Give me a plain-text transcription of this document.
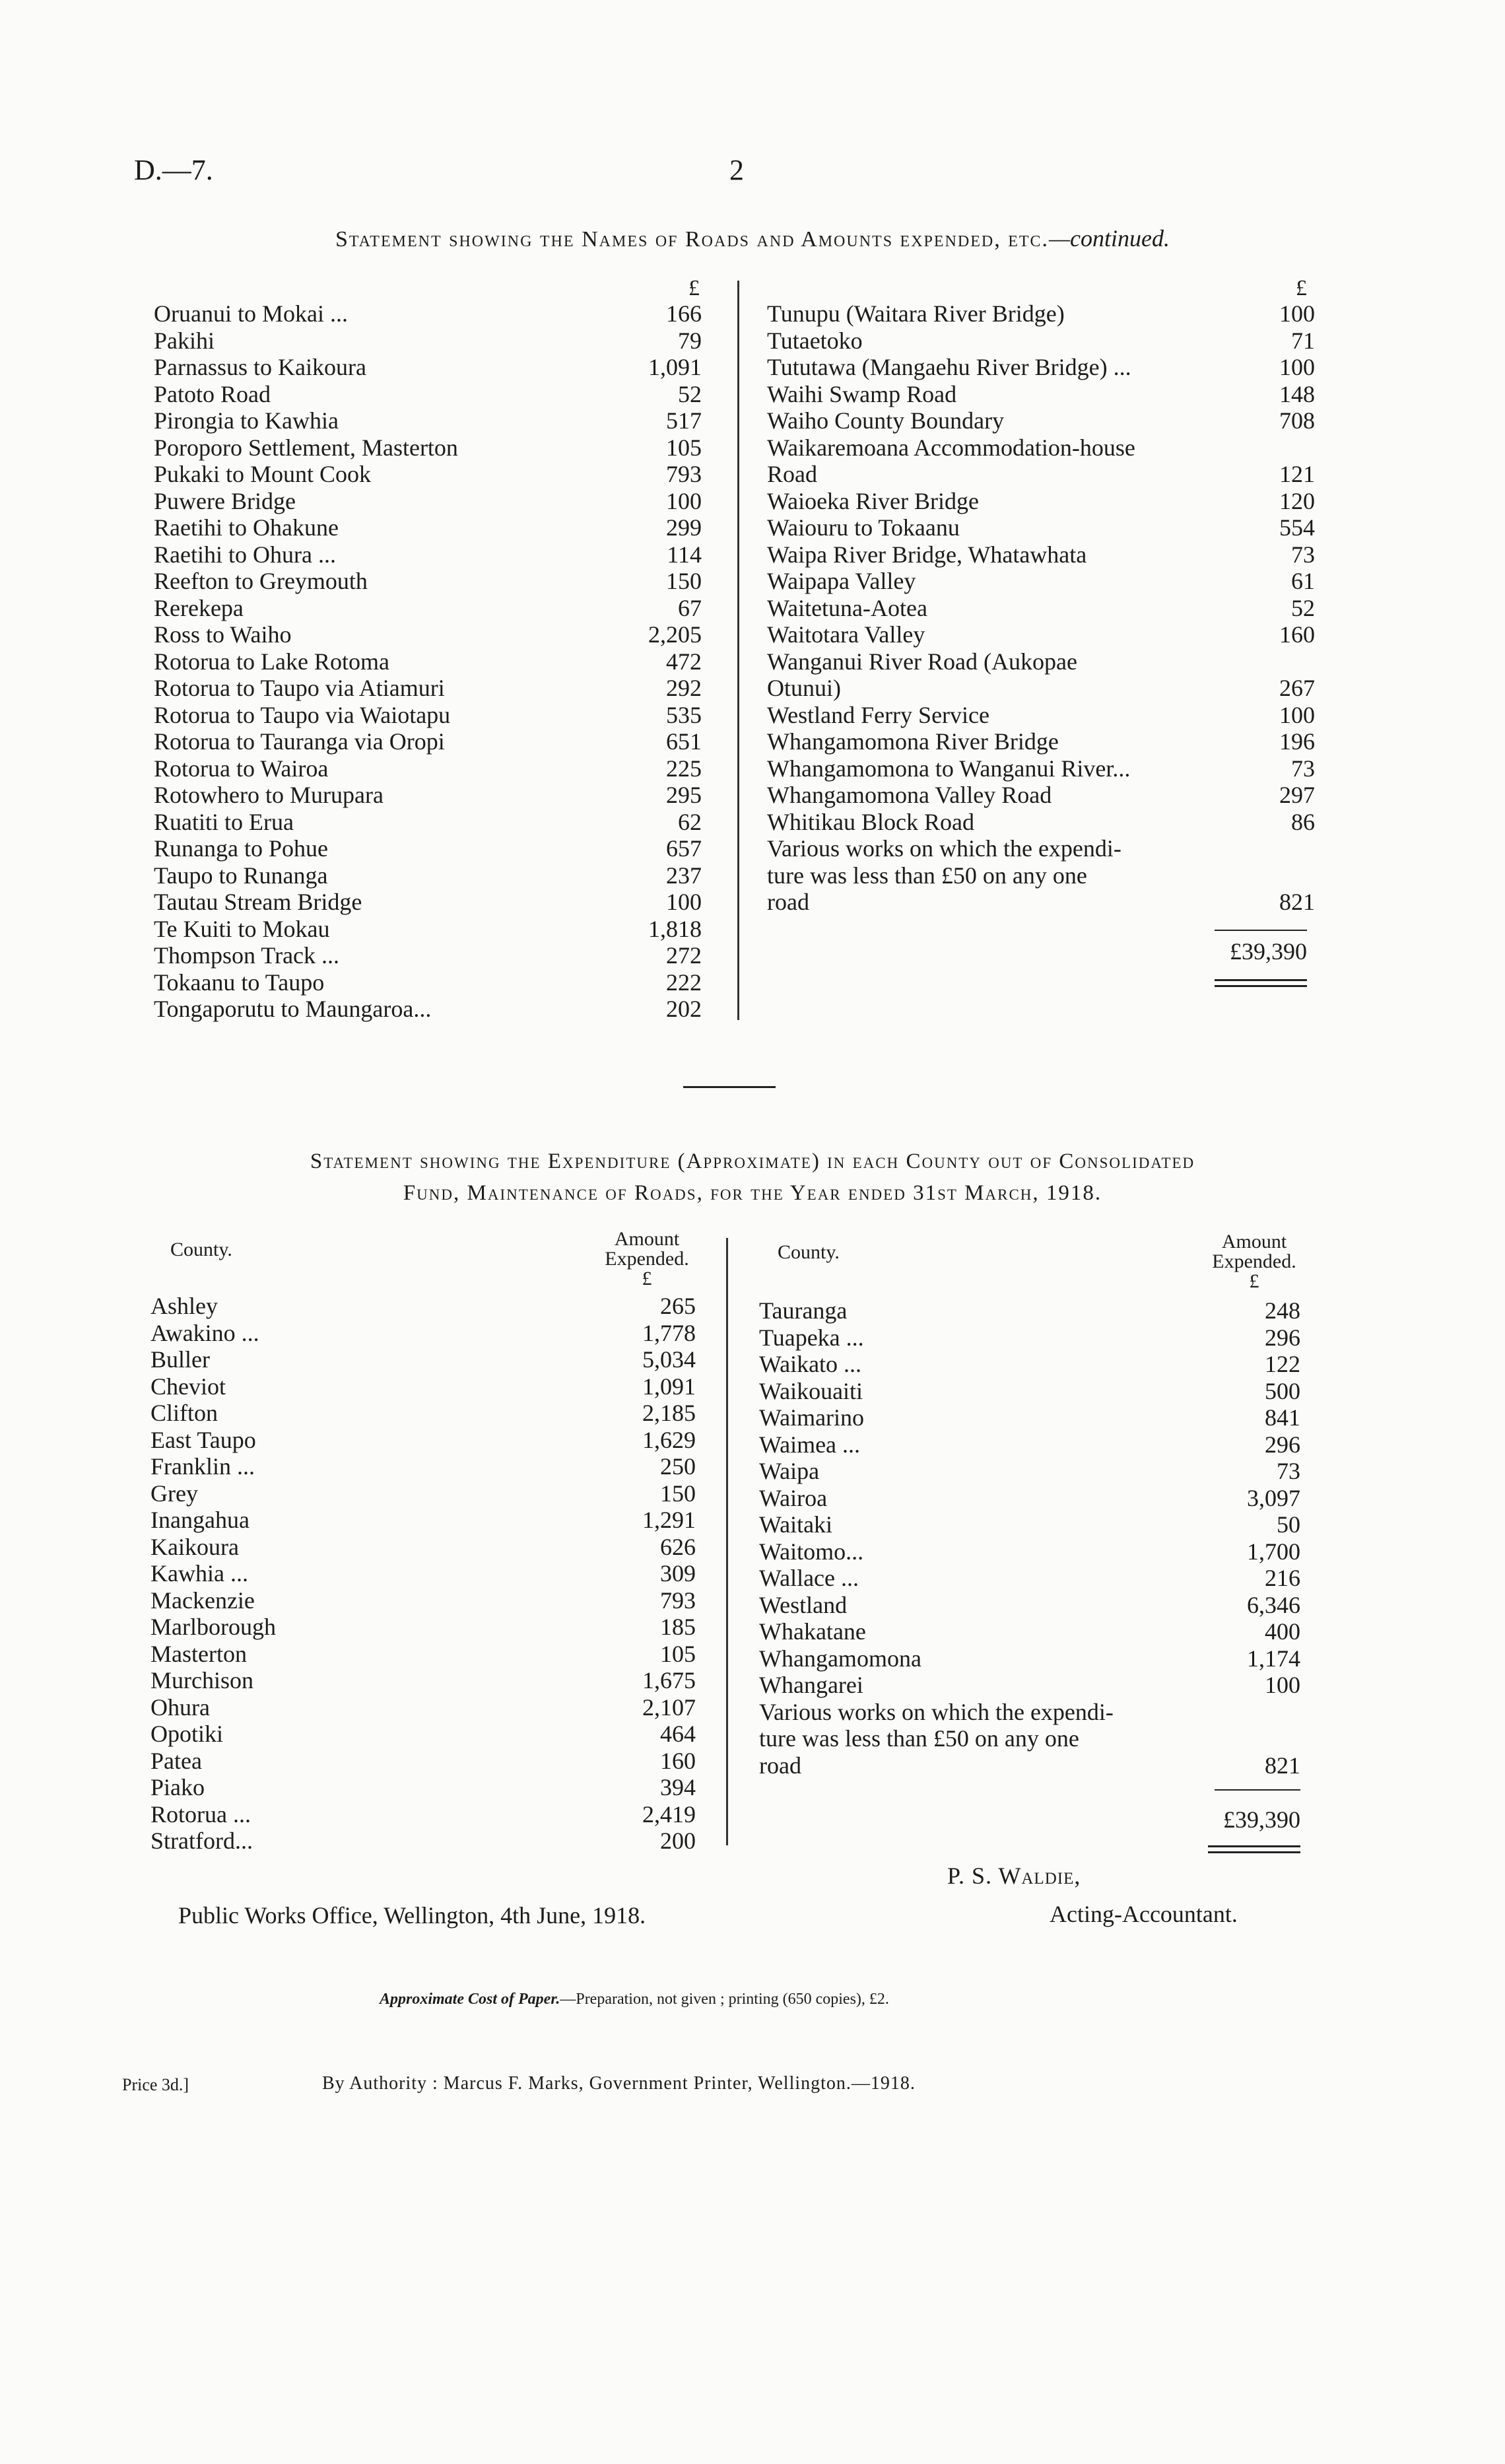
D.—7.	2
Statement showing the Names of Roads and Amounts expended, etc.—continued.
£	£
Oruanui to Mokai ...	166
Pakihi	79
Parnassus to Kaikoura	1,091
Patoto Road	52
Pirongia to Kawhia	517
Poroporo Settlement, Masterton	105
Pukaki to Mount Cook	793
Puwere Bridge	100
Raetihi to Ohakune	299
Raetihi to Ohura ...	114
Reefton to Greymouth	150
Rerekepa	67
Ross to Waiho	2,205
Rotorua to Lake Rotoma	472
Rotorua to Taupo via Atiamuri	292
Rotorua to Taupo via Waiotapu	535
Rotorua to Tauranga via Oropi	651
Rotorua to Wairoa	225
Rotowhero to Murupara	295
Ruatiti to Erua	62
Runanga to Pohue	657
Taupo to Runanga	237
Tautau Stream Bridge	100
Te Kuiti to Mokau	1,818
Thompson Track ...	272
Tokaanu to Taupo	222
Tongaporutu to Maungaroa...	202
Tunupu (Waitara River Bridge)	100
Tutaetoko	71
Tututawa (Mangaehu River Bridge) ...	100
Waihi Swamp Road	148
Waiho County Boundary	708
Waikaremoana Accommodation-house
Road	121
Waioeka River Bridge	120
Waiouru to Tokaanu	554
Waipa River Bridge, Whatawhata	73
Waipapa Valley	61
Waitetuna-Aotea	52
Waitotara Valley	160
Wanganui River Road (Aukopae
Otunui)	267
Westland Ferry Service	100
Whangamomona River Bridge	196
Whangamomona to Wanganui River...	73
Whangamomona Valley Road	297
Whitikau Block Road	86
Various works on which the expendi-
ture was less than £50 on any one
road	821
£39,390
Statement showing the Expenditure (Approximate) in each County out of Consolidated
Fund, Maintenance of Roads, for the Year ended 31st March, 1918.
County.	Amount
Expended.
£
County.	Amount
Expended.
£
Ashley	265
Awakino ...	1,778
Buller	5,034
Cheviot	1,091
Clifton	2,185
East Taupo	1,629
Franklin ...	250
Grey	150
Inangahua	1,291
Kaikoura	626
Kawhia ...	309
Mackenzie	793
Marlborough	185
Masterton	105
Murchison	1,675
Ohura	2,107
Opotiki	464
Patea	160
Piako	394
Rotorua ...	2,419
Stratford...	200
Tauranga	248
Tuapeka ...	296
Waikato ...	122
Waikouaiti	500
Waimarino	841
Waimea ...	296
Waipa	73
Wairoa	3,097
Waitaki	50
Waitomo...	1,700
Wallace ...	216
Westland	6,346
Whakatane	400
Whangamomona	1,174
Whangarei	100
Various works on which the expendi-
ture was less than £50 on any one
road	821
£39,390
Public Works Office, Wellington, 4th June, 1918.
P. S. Waldie,
Acting-Accountant.
Approximate Cost of Paper.—Preparation, not given ; printing (650 copies), £2.
Price 3d.]	By Authority : Marcus F. Marks, Government Printer, Wellington.—1918.
